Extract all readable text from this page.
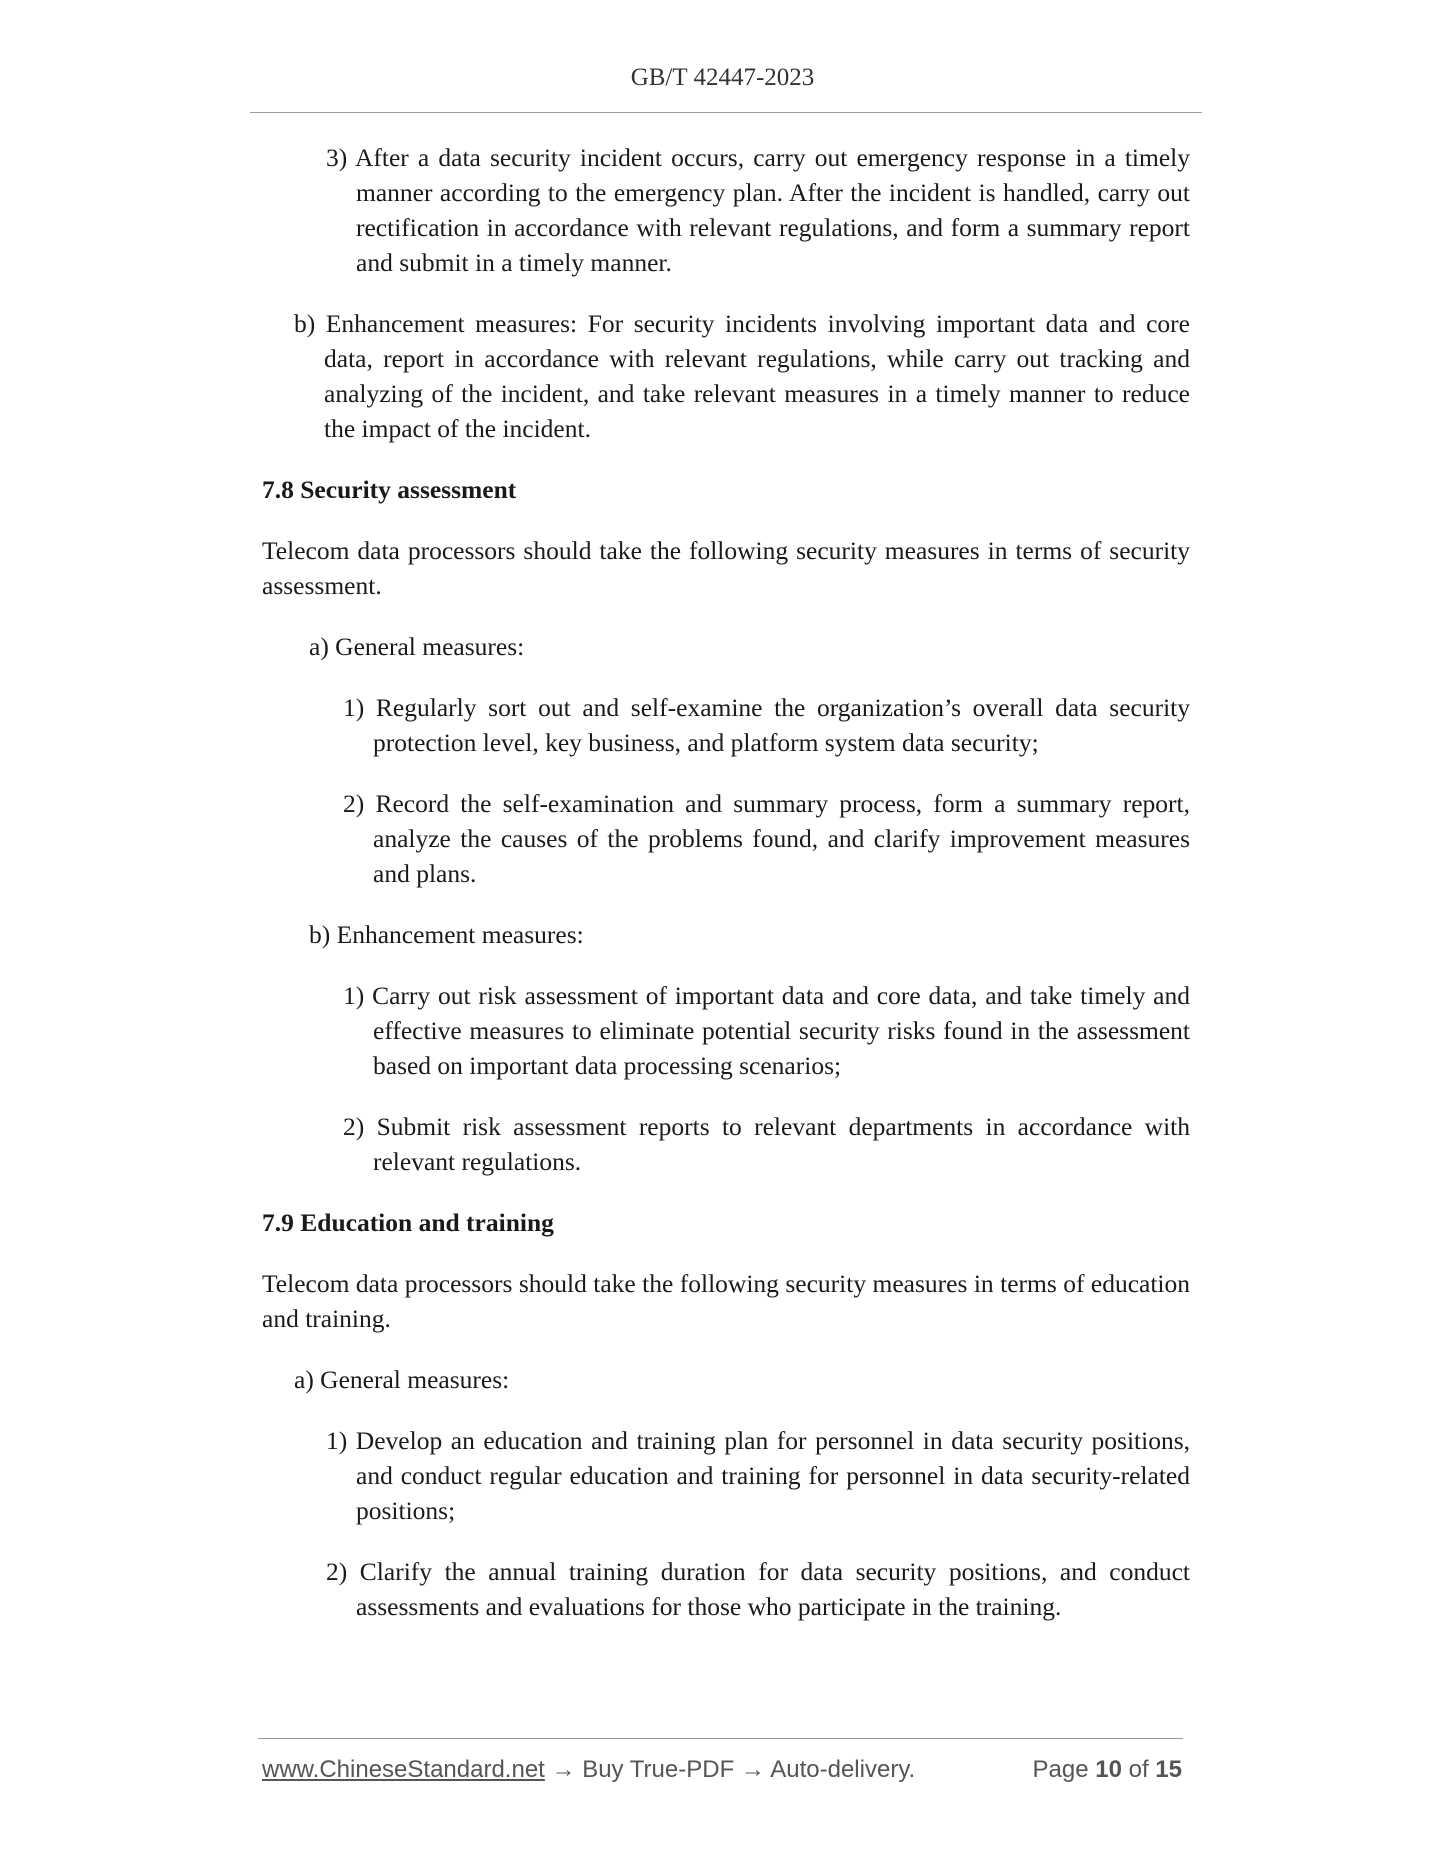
GB/T 42447-2023
3) After a data security incident occurs, carry out emergency response in a timely manner according to the emergency plan. After the incident is handled, carry out rectification in accordance with relevant regulations, and form a summary report and submit in a timely manner.
b) Enhancement measures: For security incidents involving important data and core data, report in accordance with relevant regulations, while carry out tracking and analyzing of the incident, and take relevant measures in a timely manner to reduce the impact of the incident.
7.8 Security assessment
Telecom data processors should take the following security measures in terms of security assessment.
a) General measures:
1) Regularly sort out and self-examine the organization’s overall data security protection level, key business, and platform system data security;
2) Record the self-examination and summary process, form a summary report, analyze the causes of the problems found, and clarify improvement measures and plans.
b) Enhancement measures:
1) Carry out risk assessment of important data and core data, and take timely and effective measures to eliminate potential security risks found in the assessment based on important data processing scenarios;
2) Submit risk assessment reports to relevant departments in accordance with relevant regulations.
7.9 Education and training
Telecom data processors should take the following security measures in terms of education and training.
a) General measures:
1) Develop an education and training plan for personnel in data security positions, and conduct regular education and training for personnel in data security-related positions;
2) Clarify the annual training duration for data security positions, and conduct assessments and evaluations for those who participate in the training.
www.ChineseStandard.net → Buy True-PDF → Auto-delivery.	Page 10 of 15
